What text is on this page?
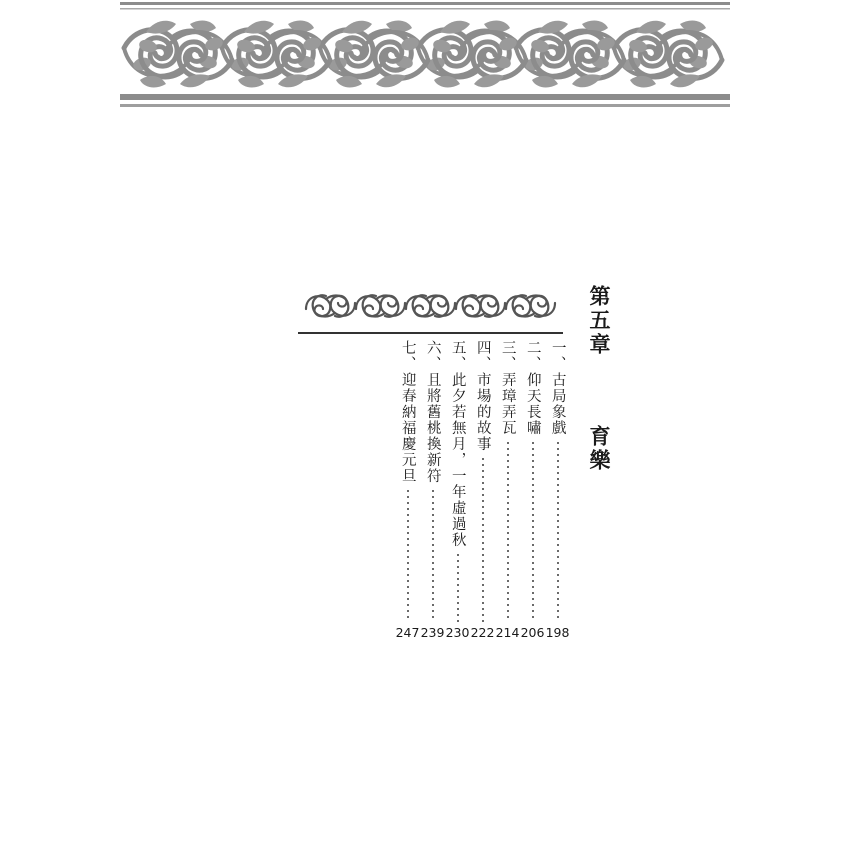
第五章  育樂
一、古局象戲
198
二、仰天長嘯
206
三、弄璋弄瓦
214
四、市場的故事
222
五、此夕若無月，一年虛過秋
230
六、且將舊桃換新符
239
七、迎春納福慶元旦
247
